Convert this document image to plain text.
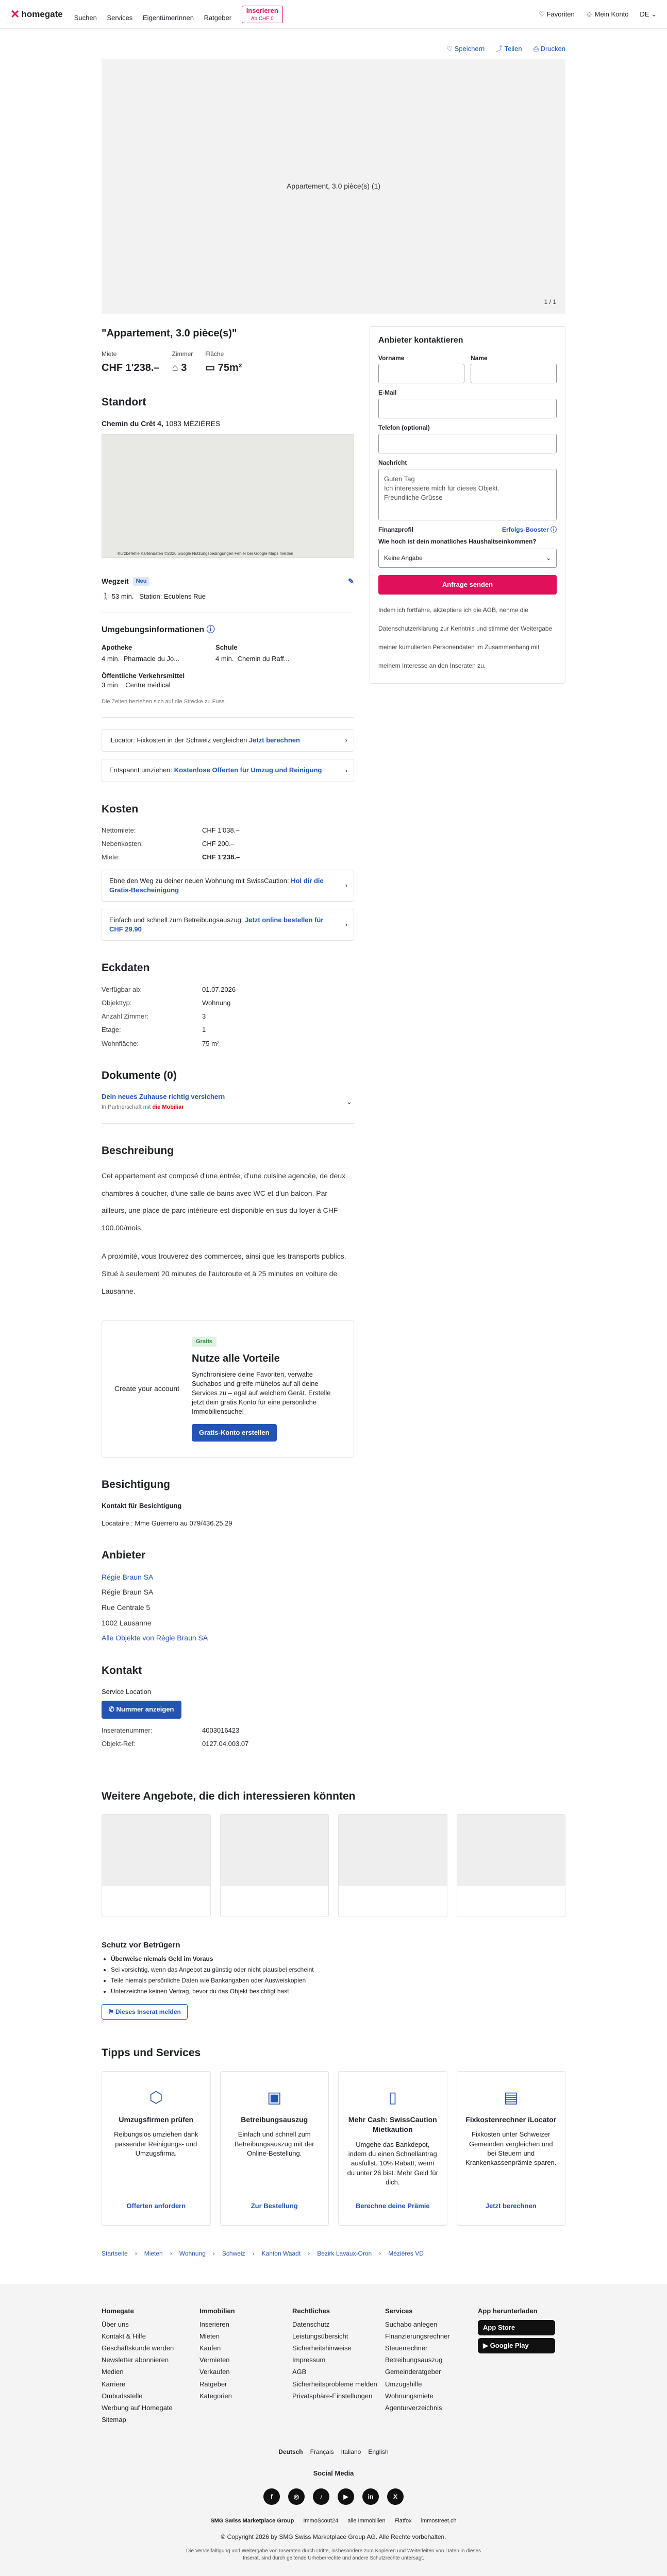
✕ homegate Suchen Services EigentümerInnen Ratgeber Inserieren
Ab CHF 0
♡ Favoriten ☺ Mein Konto DE ⌄
♡ Speichern ⤴ Teilen ⎙ Drucken
Appartement, 3.0 pièce(s) (1)
1 / 1
"Appartement, 3.0 pièce(s)"
Miete
CHF 1'238.–
Zimmer
⌂ 3
Fläche
▭ 75m²
Standort
Chemin du Crêt 4, 1083 MÉZIÈRES
Kurzbefehle Kartendaten ©2026 Google Nutzungsbedingungen Fehler bei Google Maps melden
Wegzeit	Neu	✎
🚶 53 min. Station: Ecublens Rue
Umgebungsinformationen ⓘ
Apotheke
4 min. Pharmacie du Jo...
Schule
4 min. Chemin du Raff...
Öffentliche Verkehrsmittel
3 min. Centre médical
Die Zeiten beziehen sich auf die Strecke zu Fuss.
iLocator: Fixkosten in der Schweiz vergleichen Jetzt berechnen	›
Entspannt umziehen: Kostenlose Offerten für Umzug und Reinigung	›
Kosten
Nettomiete:	CHF 1'038.–
Nebenkosten:	CHF 200.–
Miete:	CHF 1'238.–
Ebne den Weg zu deiner neuen Wohnung mit SwissCaution: Hol dir die Gratis-Bescheinigung
›
Einfach und schnell zum Betreibungsauszug: Jetzt online bestellen für CHF 29.90
›
Eckdaten
Verfügbar ab:	01.07.2026
Objekttyp:	Wohnung
Anzahl Zimmer:	3
Etage:	1
Wohnfläche:	75 m²
Dokumente (0)
Dein neues Zuhause richtig versichern
In Partnerschaft mit die Mobiliar
⌄
Beschreibung

Cet appartement est composé d'une entrée, d'une cuisine agencée, de deux chambres à coucher, d'une salle de bains avec WC et d'un balcon. Par ailleurs, une place de parc intérieure est disponible en sus du loyer à CHF 100.00/mois.

A proximité, vous trouverez des commerces, ainsi que les transports publics. Situé à seulement 20 minutes de l'autoroute et à 25 minutes en voiture de Lausanne.

Create your account
Gratis
Nutze alle Vorteile
Synchronisiere deine Favoriten, verwalte Suchabos und greife mühelos auf all deine Services zu – egal auf welchem Gerät. Erstelle jetzt dein gratis Konto für eine persönliche Immobiliensuche!
Gratis-Konto erstellen
Besichtigung
Kontakt für Besichtigung
Locataire : Mme Guerrero au 079/436.25.29
Anbieter

Régie Braun SA

Régie Braun SA

Rue Centrale 5

1002 Lausanne

Alle Objekte von Régie Braun SA

Kontakt
Service Location
✆ Nummer anzeigen
Inseratenummer:	4003016423
Objekt-Ref:	0127.04.003.07
Anbieter kontaktieren
Vorname	Name
E-Mail
Telefon (optional)
Nachricht
Guten Tag
Ich interessiere mich für dieses Objekt.
Freundliche Grüsse
Finanzprofil	Erfolgs-Booster ⓘ
Wie hoch ist dein monatliches Haushaltseinkommen?
Keine Angabe	⌄
Anfrage senden
Indem ich fortfahre, akzeptiere ich die AGB, nehme die Datenschutzerklärung zur Kenntnis und stimme der Weitergabe meiner kumulierten Personendaten im Zusammenhang mit meinem Interesse an den Inseraten zu.
Weitere Angebote, die dich interessieren könnten
Schutz vor Betrügern
• Überweise niemals Geld im Voraus
• Sei vorsichtig, wenn das Angebot zu günstig oder nicht plausibel erscheint
• Teile niemals persönliche Daten wie Bankangaben oder Ausweiskopien
• Unterzeichne keinen Vertrag, bevor du das Objekt besichtigt hast
⚑ Dieses Inserat melden
Tipps und Services
⬡
Umzugsfirmen prüfen
Reibungslos umziehen dank passender Reinigungs- und Umzugsfirma.
Offerten anfordern
▣
Betreibungsauszug
Einfach und schnell zum Betreibungsauszug mit der Online-Bestellung.
Zur Bestellung
▯
Mehr Cash: SwissCaution Mietkaution
Umgehe das Bankdepot, indem du einen Schnellantrag ausfüllst. 10% Rabatt, wenn du unter 26 bist. Mehr Geld für dich.
Berechne deine Prämie
▤
Fixkostenrechner iLocator
Fixkosten unter Schweizer Gemeinden vergleichen und bei Steuern und Krankenkassenprämie sparen.
Jetzt berechnen
Startseite › Mieten › Wohnung › Schweiz › Kanton Waadt › Bezirk Lavaux-Oron › Mézières VD
Homegate
Über uns
Kontakt & Hilfe
Geschäftskunde werden
Newsletter abonnieren
Medien
Karriere
Ombudsstelle
Werbung auf Homegate
Sitemap
Immobilien
Inserieren
Mieten
Kaufen
Vermieten
Verkaufen
Ratgeber
Kategorien
Rechtliches
Datenschutz
Leistungsübersicht
Sicherheitshinweise
Impressum
AGB
Sicherheitsprobleme melden
Privatsphäre-Einstellungen
Services
Suchabo anlegen
Finanzierungsrechner
Steuerrechner
Betreibungsauszug
Gemeinderatgeber
Umzugshilfe
Wohnungsmiete
Agenturverzeichnis
App herunterladen
App Store
▶ Google Play
Deutsch Français Italiano English
Social Media
f	◎	♪	▶	in	X
SMG Swiss Marketplace Group ImmoScout24 alle Immobilien Flatfox immostreet.ch
© Copyright 2026 by SMG Swiss Marketplace Group AG. Alle Rechte vorbehalten.
Die Vervielfältigung und Weitergabe von Inseraten durch Dritte, insbesondere zum Kopieren und Weiterleiten von Daten in dieses Inserat, sind durch geltende Urheberrechte und andere Schutzrechte untersagt.
